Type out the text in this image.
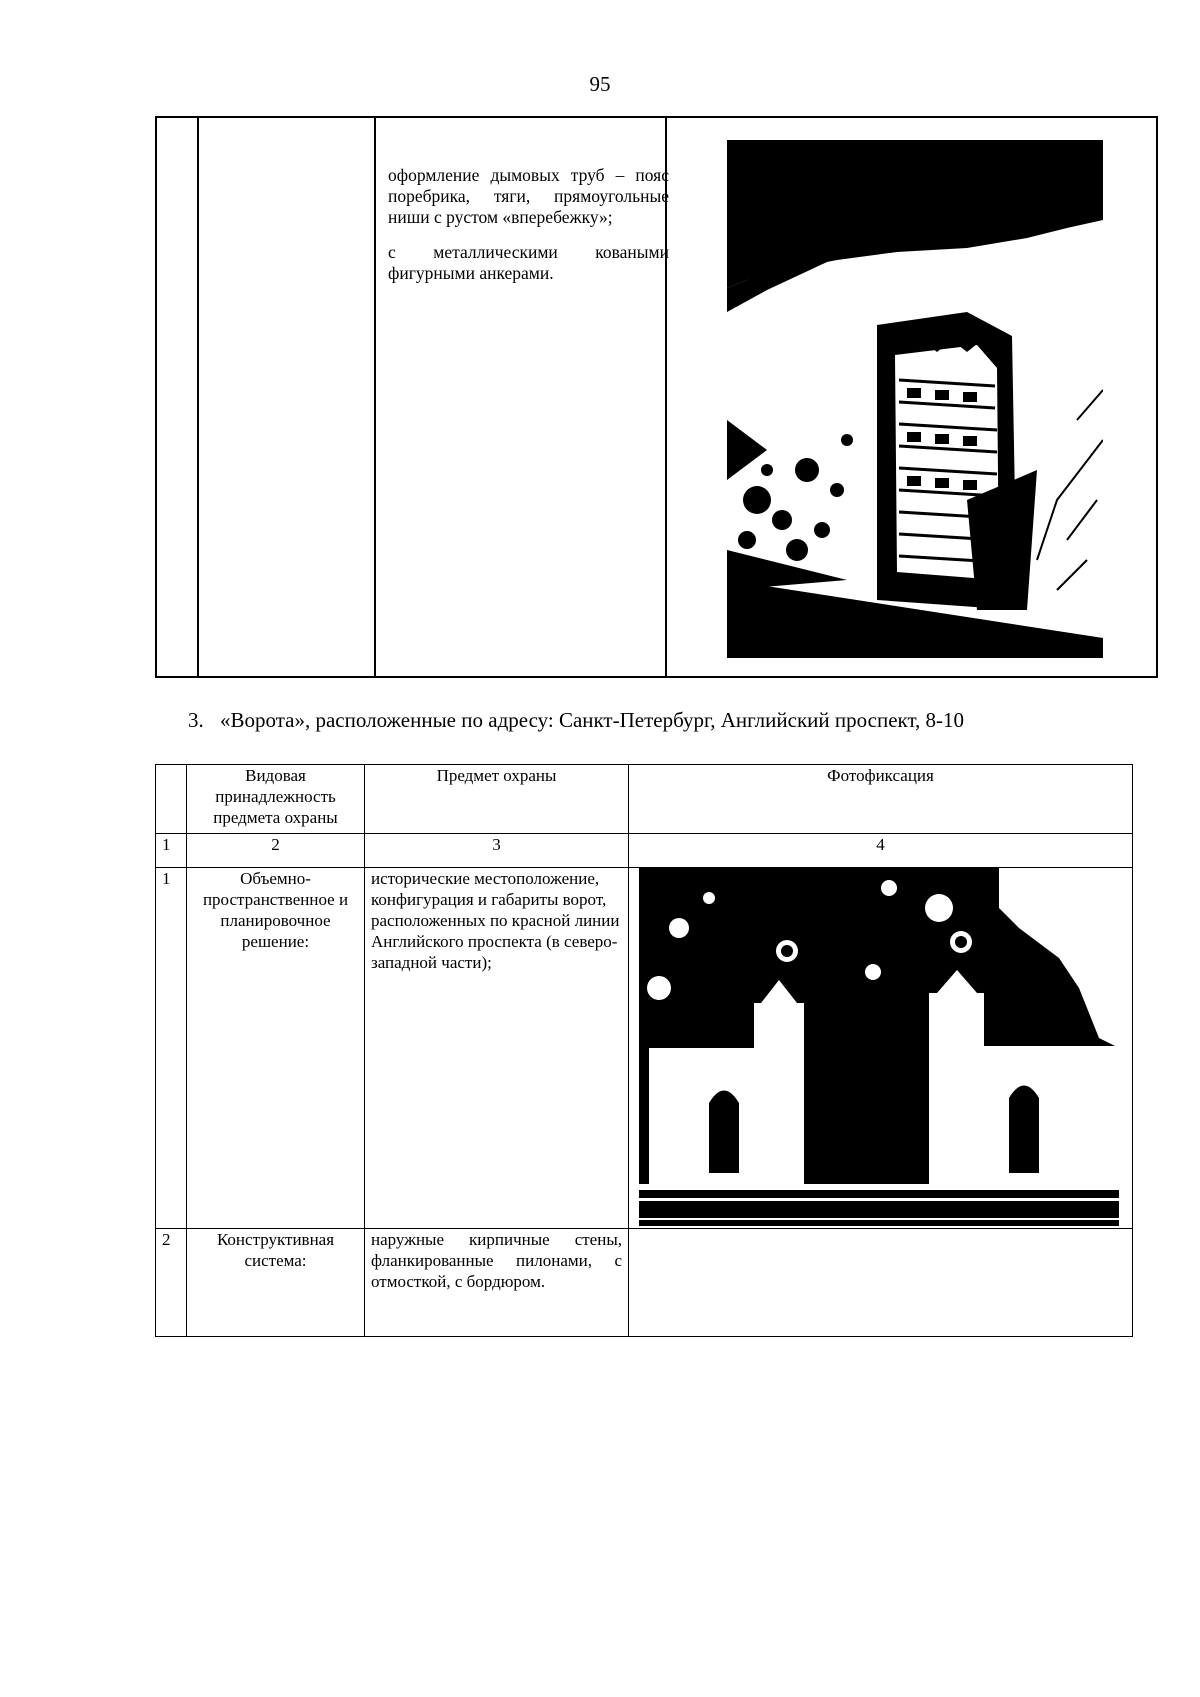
95

оформление дымовых труб – пояс поребрика, тяги, прямоугольные ниши с рустом «вперебежку»;

с металлическими коваными фигурными анкерами.

3. «Ворота», расположенные по адресу: Санкт-Петербург, Английский проспект, 8-10
	Видовая принадлежность предмета охраны	Предмет охраны	Фотофиксация
1	2	3	4
1	Объемно-пространственное и планировочное решение:	исторические местоположение, конфигурация и габариты ворот, расположенных по красной линии Английского проспекта (в северо-западной части);	

2	Конструктивная система:	наружные кирпичные стены, фланкированные пилонами, с отмосткой, с бордюром.	
